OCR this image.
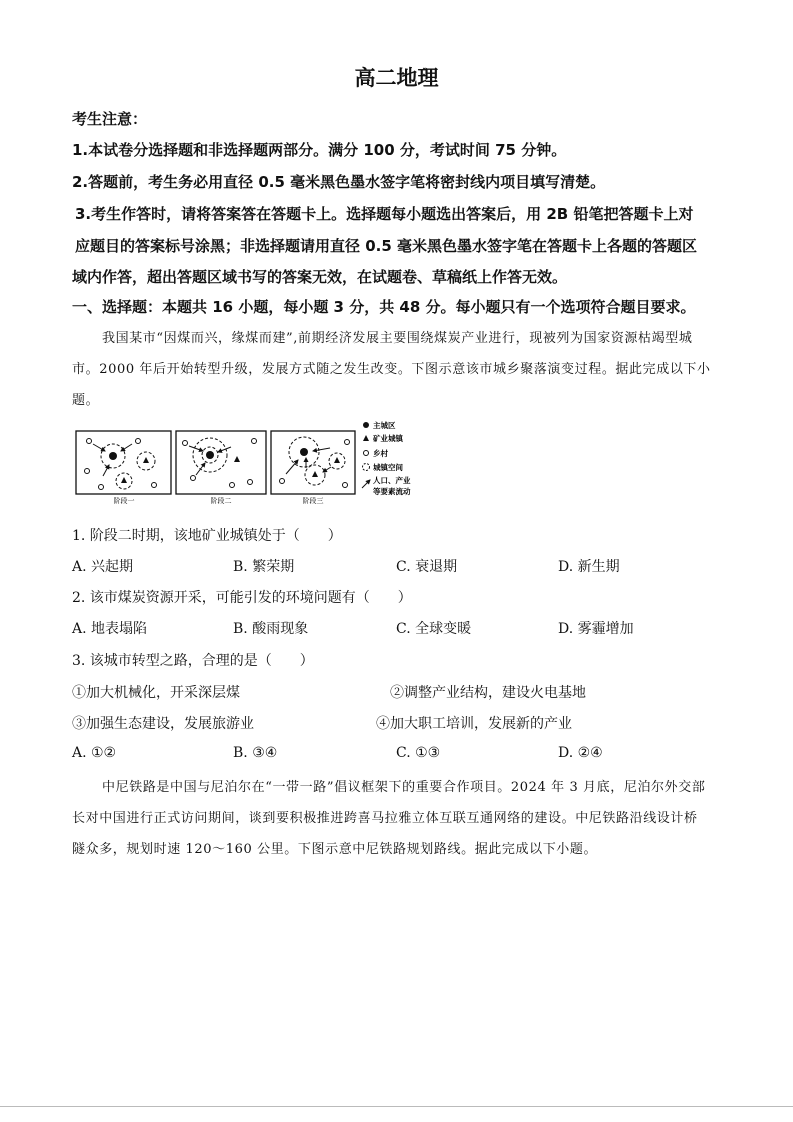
高二地理
考生注意：
1.本试卷分选择题和非选择题两部分。满分 100 分，考试时间 75 分钟。
2.答题前，考生务必用直径 0.5 毫米黑色墨水签字笔将密封线内项目填写清楚。
3.考生作答时，请将答案答在答题卡上。选择题每小题选出答案后，用 2B 铅笔把答题卡上对
应题目的答案标号涂黑；非选择题请用直径 0.5 毫米黑色墨水签字笔在答题卡上各题的答题区
域内作答，超出答题区域书写的答案无效，在试题卷、草稿纸上作答无效。
一、选择题：本题共 16 小题，每小题 3 分，共 48 分。每小题只有一个选项符合题目要求。
我国某市“因煤而兴，缘煤而建”,前期经济发展主要围绕煤炭产业进行，现被列为国家资源枯竭型城
市。2000 年后开始转型升级，发展方式随之发生改变。下图示意该市城乡聚落演变过程。据此完成以下小
题。
阶段一	阶段二	阶段三
主城区
矿业城镇
乡村
城镇空间
人口、产业
等要素流动
1. 阶段二时期，该地矿业城镇处于（　　）
A. 兴起期	B. 繁荣期	C. 衰退期	D. 新生期
2. 该市煤炭资源开采，可能引发的环境问题有（　　）
A. 地表塌陷	B. 酸雨现象	C. 全球变暖	D. 雾霾增加
3. 该城市转型之路，合理的是（　　）
①加大机械化，开采深层煤	②调整产业结构，建设火电基地
③加强生态建设，发展旅游业	④加大职工培训，发展新的产业
A. ①②	B. ③④	C. ①③	D. ②④
中尼铁路是中国与尼泊尔在“一带一路”倡议框架下的重要合作项目。2024 年 3 月底，尼泊尔外交部
长对中国进行正式访问期间，谈到要积极推进跨喜马拉雅立体互联互通网络的建设。中尼铁路沿线设计桥
隧众多，规划时速 120～160 公里。下图示意中尼铁路规划路线。据此完成以下小题。
